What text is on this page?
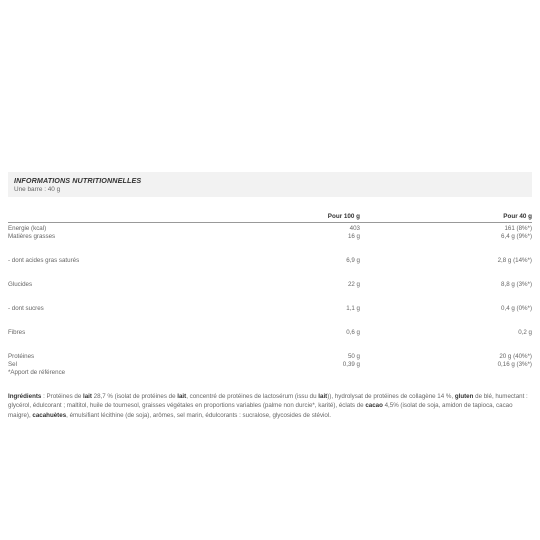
INFORMATIONS NUTRITIONNELLES
Une barre : 40 g
Pour 100 g	Pour 40 g
Energie (kcal)	403	161 (8%*)
Matières grasses	16 g	6,4 g (9%*)
- dont acides gras saturés	6,9 g	2,8 g (14%*)
Glucides	22 g	8,8 g (3%*)
- dont sucres	1,1 g	0,4 g (0%*)
Fibres	0,6 g	0,2 g
Protéines	50 g	20 g (40%*)
Sel	0,39 g	0,16 g (3%*)
*Apport de référence
Ingrédients : Protéines de lait 28,7 % (isolat de protéines de lait, concentré de protéines de lactosérum (issu du lait)), hydrolysat de protéines de collagène 14 %, gluten de blé, humectant : glycérol, édulcorant ; maltitol, huile de tournesol, graisses végétales en proportions variables (palme non durcie*, karité), éclats de cacao 4,5% (isolat de soja, amidon de tapioca, cacao maigre), cacahuètes, émulsifiant lécithine (de soja), arômes, sel marin, édulcorants : sucralose, glycosides de stéviol.
